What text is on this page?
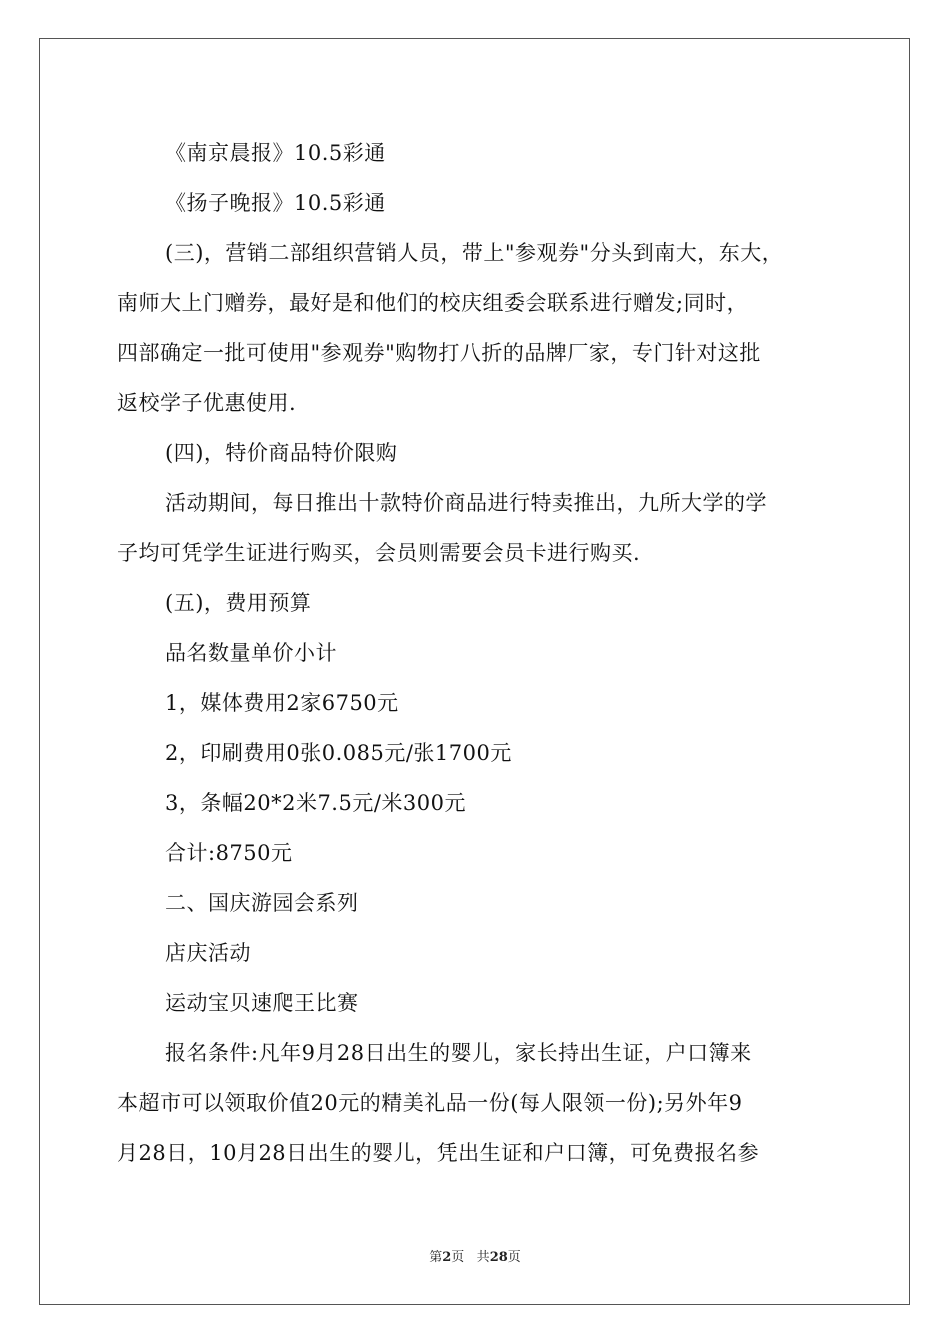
《南京晨报》10.5彩通
《扬子晚报》10.5彩通
(三)，营销二部组织营销人员，带上"参观券"分头到南大，东大，
南师大上门赠券，最好是和他们的校庆组委会联系进行赠发;同时，
四部确定一批可使用"参观券"购物打八折的品牌厂家，专门针对这批
返校学子优惠使用.
(四)，特价商品特价限购
活动期间，每日推出十款特价商品进行特卖推出，九所大学的学
子均可凭学生证进行购买，会员则需要会员卡进行购买.
(五)，费用预算
品名数量单价小计
1，媒体费用2家6750元
2，印刷费用0张0.085元/张1700元
3，条幅20*2米7.5元/米300元
合计:8750元
二、国庆游园会系列
店庆活动
运动宝贝速爬王比赛
报名条件:凡年9月28日出生的婴儿，家长持出生证，户口簿来
本超市可以领取价值20元的精美礼品一份(每人限领一份);另外年9
月28日，10月28日出生的婴儿，凭出生证和户口簿，可免费报名参
第2页 共28页
